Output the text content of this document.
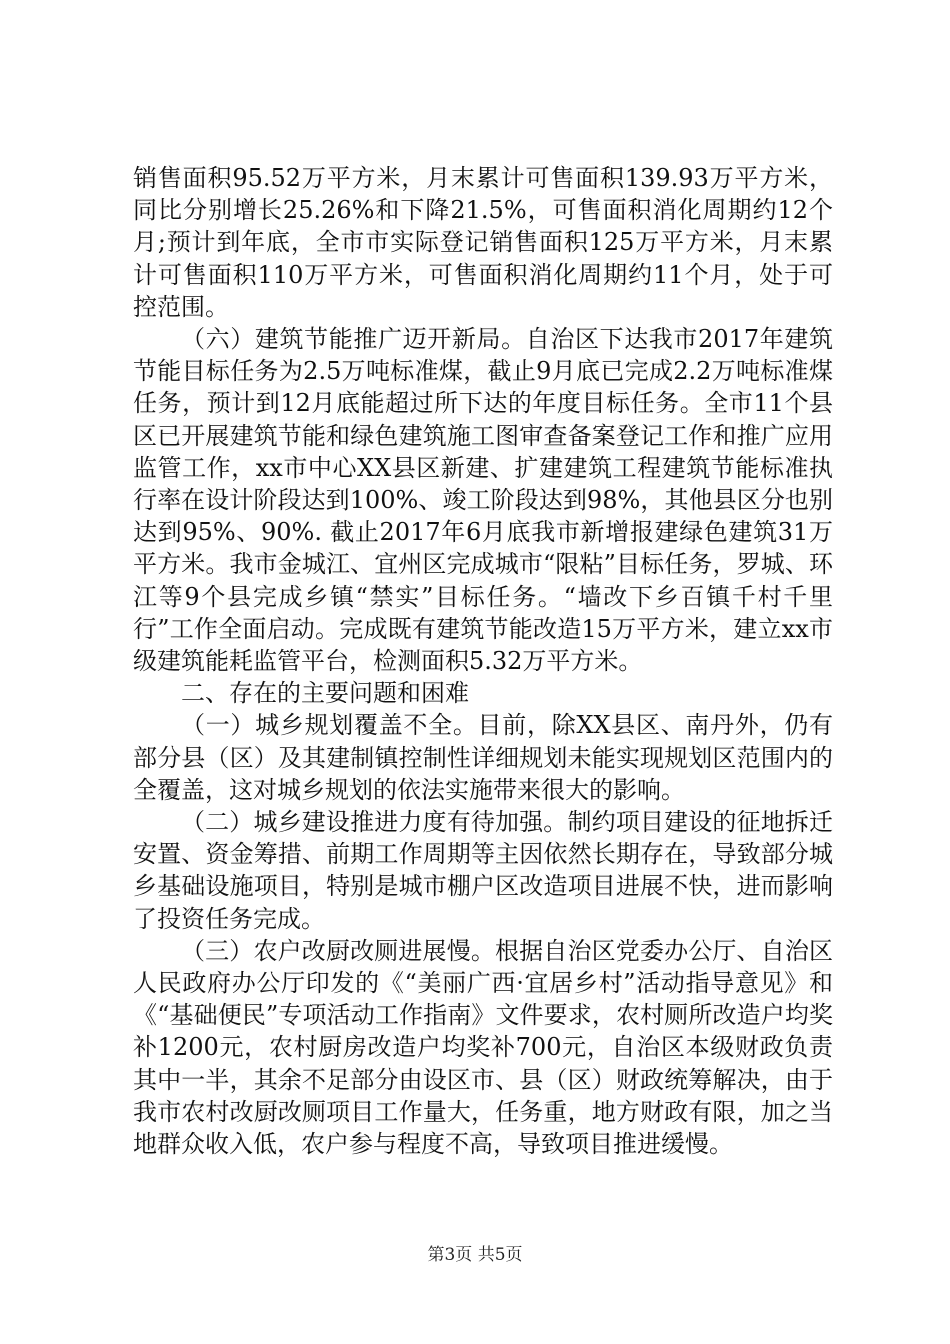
销售面积95.52万平方米，月末累计可售面积139.93万平方米，同比分别增长25.26%和下降21.5%，可售面积消化周期约12个月;预计到年底，全市市实际登记销售面积125万平方米，月末累计可售面积110万平方米，可售面积消化周期约11个月，处于可控范围。

（六）建筑节能推广迈开新局。自治区下达我市2017年建筑节能目标任务为2.5万吨标准煤，截止9月底已完成2.2万吨标准煤任务，预计到12月底能超过所下达的年度目标任务。全市11个县区已开展建筑节能和绿色建筑施工图审查备案登记工作和推广应用监管工作，xx市中心XX县区新建、扩建建筑工程建筑节能标准执行率在设计阶段达到100%、竣工阶段达到98%，其他县区分也别达到95%、90%. 截止2017年6月底我市新增报建绿色建筑31万平方米。我市金城江、宜州区完成城市“限粘”目标任务，罗城、环江等9个县完成乡镇“禁实”目标任务。“墙改下乡百镇千村千里行”工作全面启动。完成既有建筑节能改造15万平方米，建立xx市级建筑能耗监管平台，检测面积5.32万平方米。

二、存在的主要问题和困难

（一）城乡规划覆盖不全。目前，除XX县区、南丹外，仍有部分县（区）及其建制镇控制性详细规划未能实现规划区范围内的全覆盖，这对城乡规划的依法实施带来很大的影响。

（二）城乡建设推进力度有待加强。制约项目建设的征地拆迁安置、资金筹措、前期工作周期等主因依然长期存在，导致部分城乡基础设施项目，特别是城市棚户区改造项目进展不快，进而影响了投资任务完成。

（三）农户改厨改厕进展慢。根据自治区党委办公厅、自治区人民政府办公厅印发的《“美丽广西·宜居乡村”活动指导意见》和《“基础便民”专项活动工作指南》文件要求，农村厕所改造户均奖补1200元，农村厨房改造户均奖补700元，自治区本级财政负责其中一半，其余不足部分由设区市、县（区）财政统筹解决，由于我市农村改厨改厕项目工作量大，任务重，地方财政有限，加之当地群众收入低，农户参与程度不高，导致项目推进缓慢。

第3页 共5页
